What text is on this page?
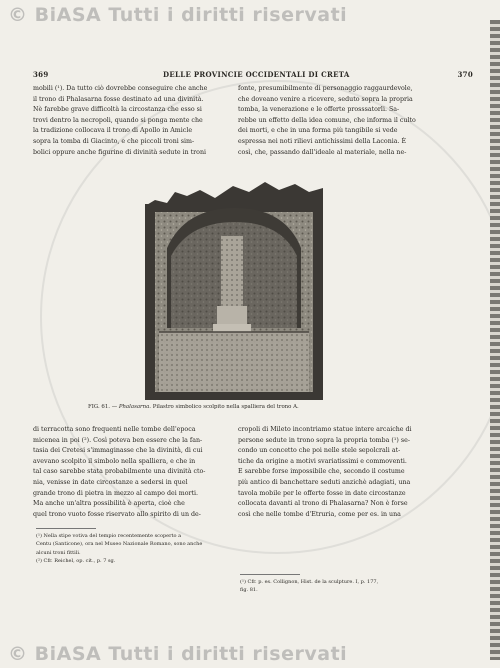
© BiASA Tutti i diritti riservati
© BiASA Tutti i diritti riservati
369	DELLE PROVINCIE OCCIDENTALI DI CRETA	370
mobili (¹). Da tutto ciò dovrebbe conseguire che anche
il trono di Phalasarna fosse destinato ad una divinità.
Nè farebbe grave difficoltà la circostanza che esso si
trovi dentro la necropoli, quando si ponga mente che
la tradizione collocava il trono di Apollo in Amicle
sopra la tomba di Giacinto, e che piccoli troni sim-
bolici oppure anche figurine di divinità sedute in troni
fonte, presumibilmente di personaggio raggaurdevole,
che doveano venire a ricevere, seduto sopra la propria
tomba, la venerazione e le offerte prosssatorli. Sa-
rebbe un effetto della idea comune, che informa il culto
dei morti, e che in una forma più tangibile si vede
espressa nei noti rilievi antichissimi della Laconia. È
così, che, passando dall'ideale al materiale, nella ne-
FIG. 61. — Phalasarna. Pilastro simbolico scolpito nella spalliera del trono A.
di terracotta sono frequenti nelle tombe dell'epoca
micenea in poi (²). Così poteva ben essere che la fan-
tasia dei Cretesi s'immaginasse che la divinità, di cui
avevano scolpito il simbolo nella spalliera, e che in
tal caso sarebbe stata probabilmente una divinità cto-
nia, venisse in date circostanze a sedersi in quel
grande trono di pietra in mezzo al campo dei morti.
Ma anche un'altra possibilità è aperta, cioè che
quel trono vuoto fosse riservato allo spirito di un de-
cropoli di Mileto incontriamo statue intere arcaiche di
persone sedute in trono sopra la propria tomba (¹) se-
condo un concetto che poi nelle stele sepolcrali at-
tiche da origine a motivi svariatissimi e commoventi.
E sarebbe forse impossibile che, secondo il costume
più antico di banchettare seduti anzichè adagiati, una
tavola mobile per le offerte fosse in date circostanze
collocata davanti al trono di Phalasarna? Non è forse
così che nelle tombe d'Etruria, come per es. in una
(¹) Nella stipe votiva del tempio recentemente scoperto a
Centu (Santicone), ora nel Museo Nazionale Romano, sono anche
alcuni troni fittili.
(²) Cfr. Reichel, op. cit., p. 7 sg.
(¹) Cfr. p. es. Collignon, Hist. de la sculpture. I, p. 177,
fig. 81.
